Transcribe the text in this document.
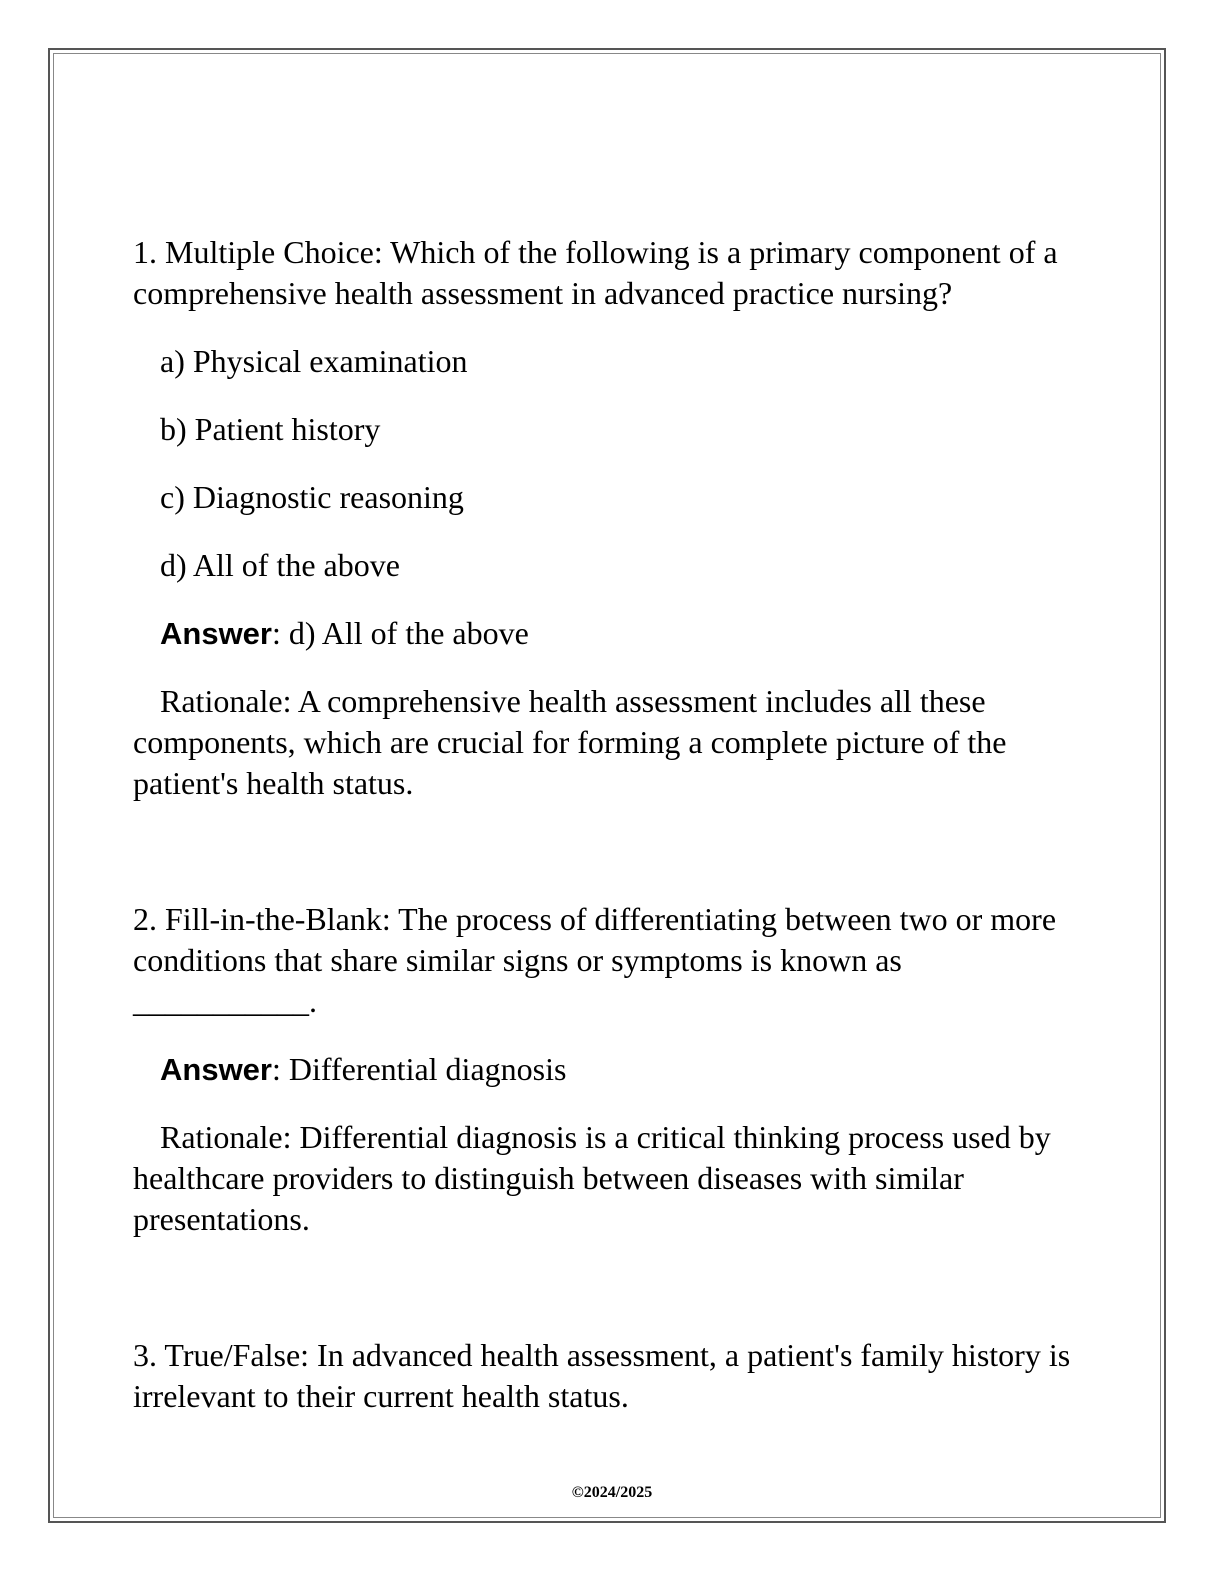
1. Multiple Choice: Which of the following is a primary component of a comprehensive health assessment in advanced practice nursing?

a) Physical examination

b) Patient history

c) Diagnostic reasoning

d) All of the above

Answer: d) All of the above

Rationale: A comprehensive health assessment includes all these components, which are crucial for forming a complete picture of the patient's health status.

2. Fill-in-the-Blank: The process of differentiating between two or more conditions that share similar signs or symptoms is known as ___________.

Answer: Differential diagnosis

Rationale: Differential diagnosis is a critical thinking process used by healthcare providers to distinguish between diseases with similar presentations.

3. True/False: In advanced health assessment, a patient's family history is irrelevant to their current health status.

©2024/2025
